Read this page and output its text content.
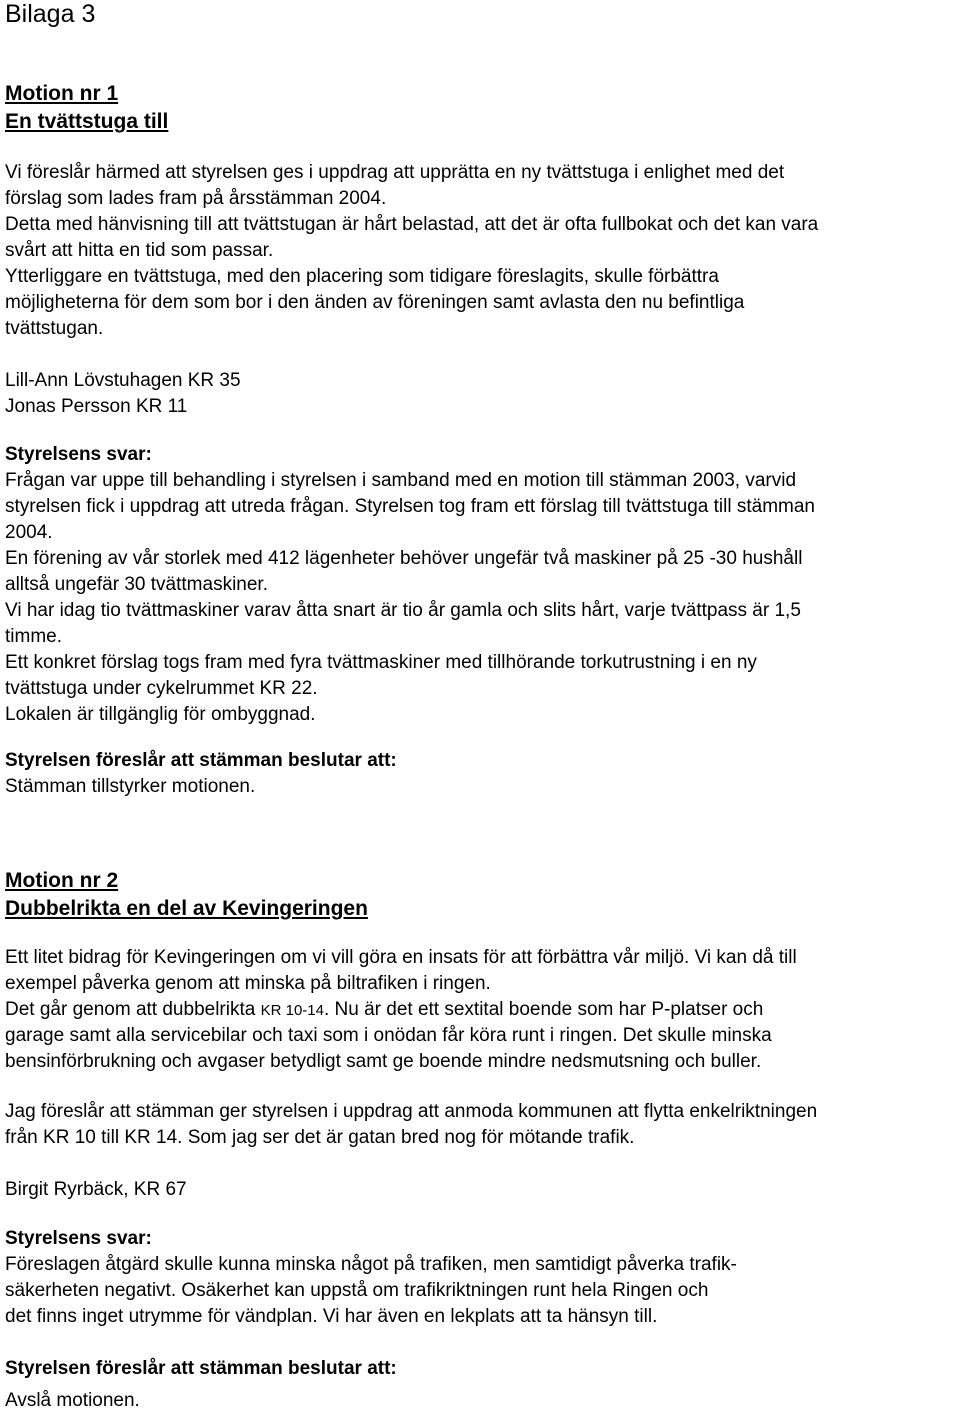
Bilaga 3
Motion nr 1
En tvättstuga till
Vi föreslår härmed att styrelsen ges i uppdrag att upprätta en ny tvättstuga i enlighet med det
förslag som lades fram på årsstämman 2004.
Detta med hänvisning till att tvättstugan är hårt belastad, att det är ofta fullbokat och det kan vara
svårt att hitta en tid som passar.
Ytterliggare en tvättstuga, med den placering som tidigare föreslagits, skulle förbättra
möjligheterna för dem som bor i den änden av föreningen samt avlasta den nu befintliga
tvättstugan.
Lill-Ann Lövstuhagen KR 35
Jonas Persson KR 11
Styrelsens svar:
Frågan var uppe till behandling i styrelsen i samband med en motion till stämman 2003, varvid
styrelsen fick i uppdrag att utreda frågan. Styrelsen tog fram ett förslag till tvättstuga till stämman
2004.
En förening av vår storlek med 412 lägenheter behöver ungefär två maskiner på 25 -30 hushåll
alltså ungefär 30 tvättmaskiner.
Vi har idag tio tvättmaskiner varav åtta snart är tio år gamla och slits hårt, varje tvättpass är 1,5
timme.
Ett konkret förslag togs fram med fyra tvättmaskiner med tillhörande torkutrustning i en ny
tvättstuga under cykelrummet KR 22.
Lokalen är tillgänglig för ombyggnad.
Styrelsen föreslår att stämman beslutar att:
Stämman tillstyrker motionen.
Motion nr 2
Dubbelrikta en del av Kevingeringen
Ett litet bidrag för Kevingeringen om vi vill göra en insats för att förbättra vår miljö. Vi kan då till
exempel påverka genom att minska på biltrafiken i ringen.
Det går genom att dubbelrikta KR 10-14. Nu är det ett sextital boende som har P-platser och
garage samt alla servicebilar och taxi som i onödan får köra runt i ringen. Det skulle minska
bensinförbrukning och avgaser betydligt samt ge boende mindre nedsmutsning och buller.
Jag föreslår att stämman ger styrelsen i uppdrag att anmoda kommunen att flytta enkelriktningen
från KR 10 till KR 14. Som jag ser det är gatan bred nog för mötande trafik.
Birgit Ryrbäck, KR 67
Styrelsens svar:
Föreslagen åtgärd skulle kunna minska något på trafiken, men samtidigt påverka trafik-
säkerheten negativt. Osäkerhet kan uppstå om trafikriktningen runt hela Ringen och
det finns inget utrymme för vändplan. Vi har även en lekplats att ta hänsyn till.
Styrelsen föreslår att stämman beslutar att:
Avslå motionen.
